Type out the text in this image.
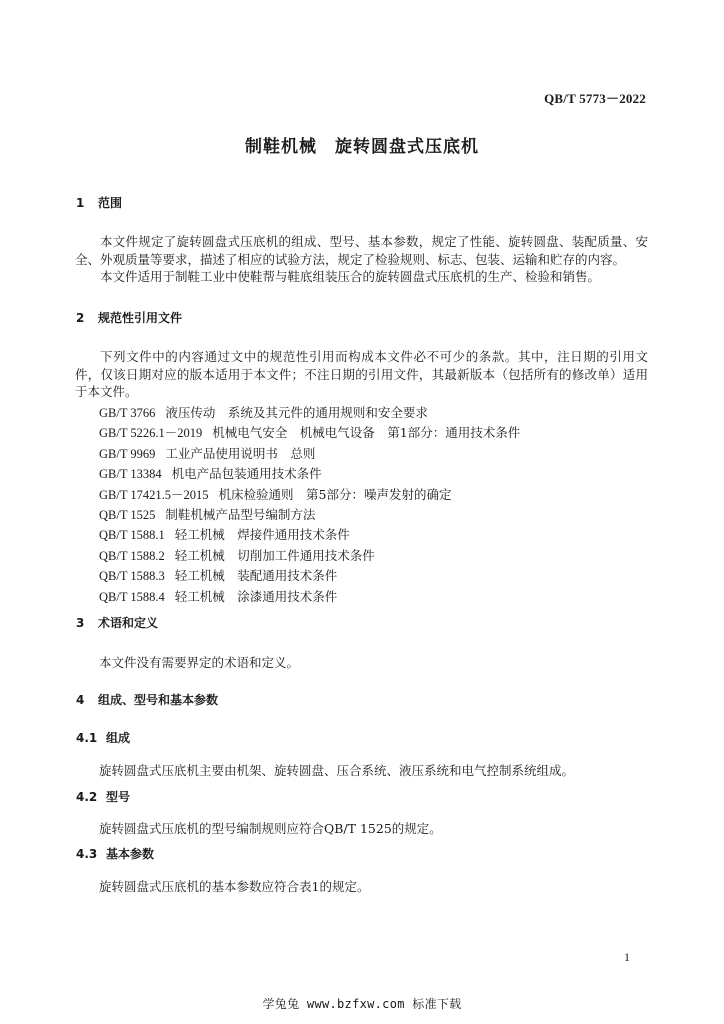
QB/T 5773－2022
制鞋机械　旋转圆盘式压底机
1 范围
本文件规定了旋转圆盘式压底机的组成、型号、基本参数，规定了性能、旋转圆盘、装配质量、安全、外观质量等要求，描述了相应的试验方法，规定了检验规则、标志、包装、运输和贮存的内容。
本文件适用于制鞋工业中使鞋帮与鞋底组装压合的旋转圆盘式压底机的生产、检验和销售。
2 规范性引用文件
下列文件中的内容通过文中的规范性引用而构成本文件必不可少的条款。其中，注日期的引用文件，仅该日期对应的版本适用于本文件；不注日期的引用文件，其最新版本（包括所有的修改单）适用于本文件。
GB/T 3766 液压传动　系统及其元件的通用规则和安全要求
GB/T 5226.1－2019 机械电气安全　机械电气设备　第1部分：通用技术条件
GB/T 9969 工业产品使用说明书　总则
GB/T 13384 机电产品包装通用技术条件
GB/T 17421.5－2015 机床检验通则　第5部分：噪声发射的确定
QB/T 1525 制鞋机械产品型号编制方法
QB/T 1588.1 轻工机械　焊接件通用技术条件
QB/T 1588.2 轻工机械　切削加工件通用技术条件
QB/T 1588.3 轻工机械　装配通用技术条件
QB/T 1588.4 轻工机械　涂漆通用技术条件
3 术语和定义
本文件没有需要界定的术语和定义。
4 组成、型号和基本参数
4.1 组成
旋转圆盘式压底机主要由机架、旋转圆盘、压合系统、液压系统和电气控制系统组成。
4.2 型号
旋转圆盘式压底机的型号编制规则应符合QB/T 1525的规定。
4.3 基本参数
旋转圆盘式压底机的基本参数应符合表1的规定。
1
学兔兔 www.bzfxw.com 标准下载
